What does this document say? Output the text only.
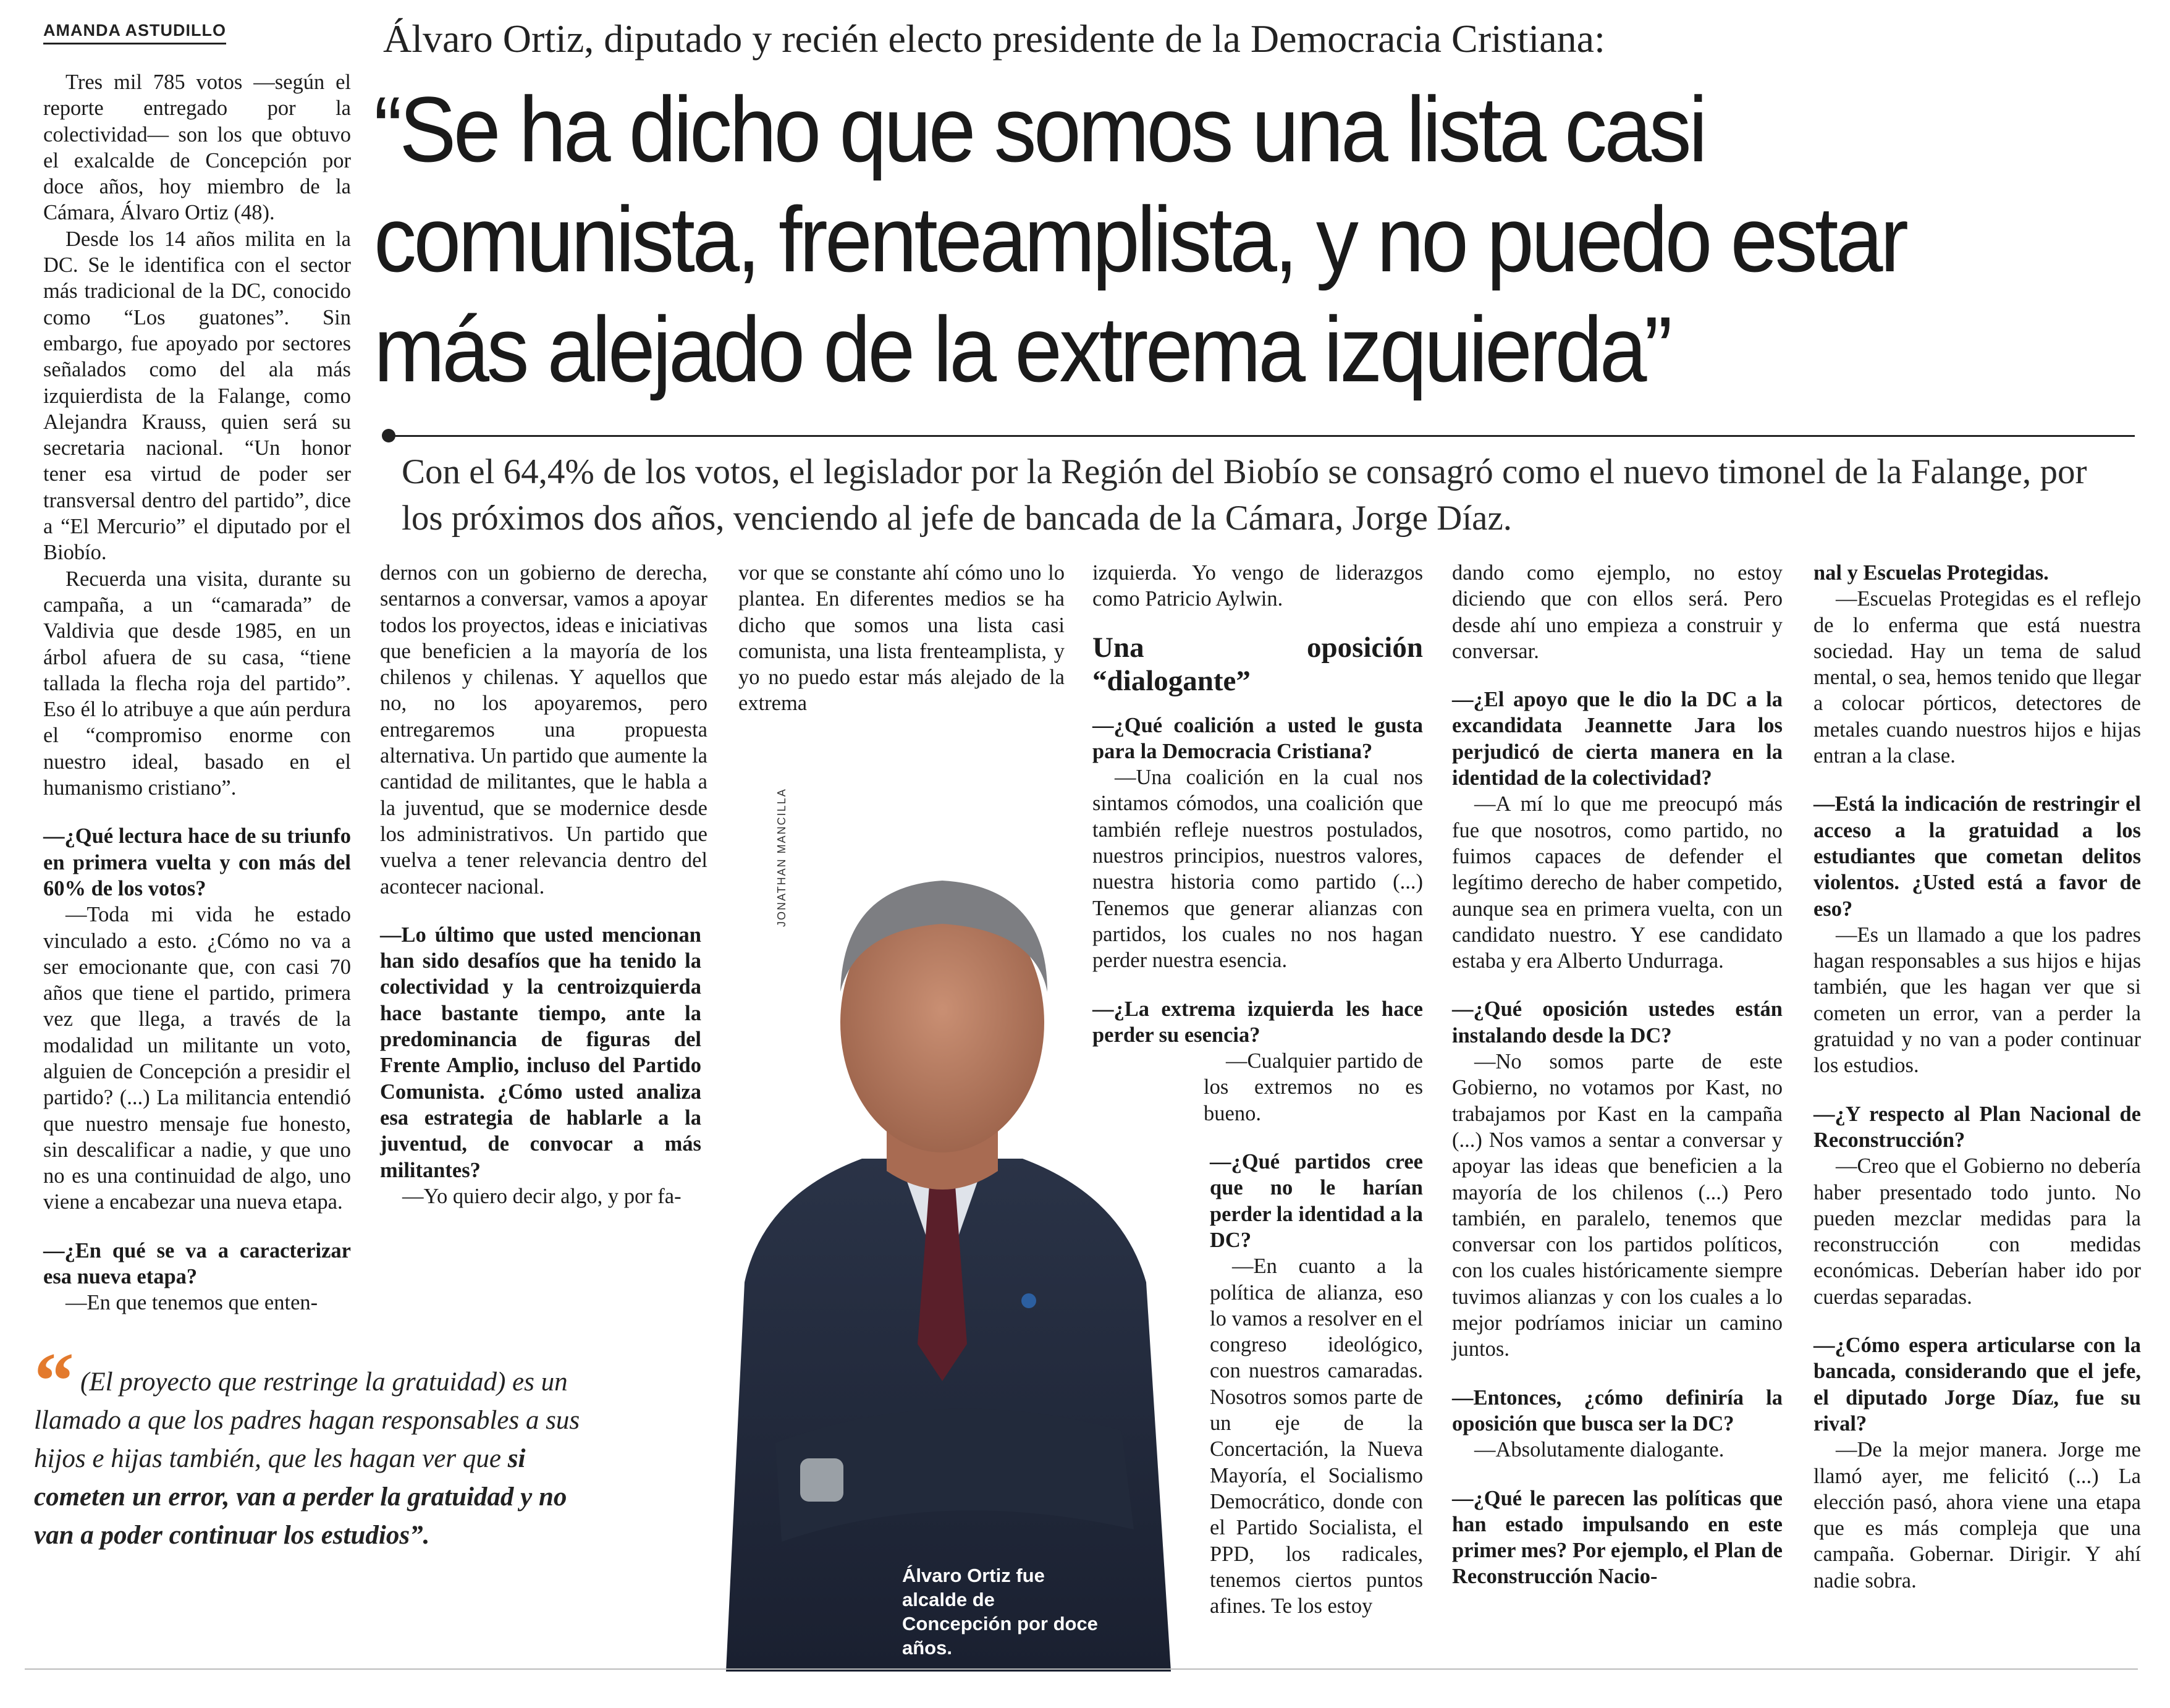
AMANDA ASTUDILLO	Álvaro Ortiz, diputado y recién electo presidente de la Democracia Cristiana:
“Se ha dicho que somos una lista casi comunista, frenteamplista, y no puedo estar más alejado de la extrema izquierda”
Con el 64,4% de los votos, el legislador por la Región del Biobío se consagró como el nuevo timonel de la Falange, por los próximos dos años, venciendo al jefe de bancada de la Cámara, Jorge Díaz.

Tres mil 785 votos —según el reporte entregado por la colectividad— son los que obtuvo el exalcalde de Concepción por doce años, hoy miembro de la Cámara, Álvaro Ortiz (48).

Desde los 14 años milita en la DC. Se le identifica con el sector más tradicional de la DC, conocido como “Los guatones”. Sin embargo, fue apoyado por sectores señalados como del ala más izquierdista de la Falange, como Alejandra Krauss, quien será su secretaria nacional. “Un honor tener esa virtud de poder ser transversal dentro del partido”, dice a “El Mercurio” el diputado por el Biobío.

Recuerda una visita, durante su campaña, a un “camarada” de Valdivia que desde 1985, en un árbol afuera de su casa, “tiene tallada la flecha roja del partido”. Eso él lo atribuye a que aún perdura el “compromiso enorme con nuestro ideal, basado en el humanismo cristiano”.

—¿Qué lectura hace de su triunfo en primera vuelta y con más del 60% de los votos?

—Toda mi vida he estado vinculado a esto. ¿Cómo no va a ser emocionante que, con casi 70 años que tiene el partido, primera vez que llega, a través de la modalidad un militante un voto, alguien de Concepción a presidir el partido? (...) La militancia entendió que nuestro mensaje fue honesto, sin descalificar a nadie, y que uno no es una continuidad de algo, uno viene a encabezar una nueva etapa.

—¿En qué se va a caracterizar esa nueva etapa?

—En que tenemos que enten-

dernos con un gobierno de derecha, sentarnos a conversar, vamos a apoyar todos los proyectos, ideas e iniciativas que beneficien a la mayoría de los chilenos y chilenas. Y aquellos que no, no los apoyaremos, pero entregaremos una propuesta alternativa. Un partido que aumente la cantidad de militantes, que le habla a la juventud, que se modernice desde los administrativos. Un partido que vuelva a tener relevancia dentro del acontecer nacional.

—Lo último que usted mencionan han sido desafíos que ha tenido la colectividad y la centroizquierda hace bastante tiempo, ante la predominancia de figuras del Frente Amplio, incluso del Partido Comunista. ¿Cómo usted analiza esa estrategia de hablarle a la juventud, de convocar a más militantes?

—Yo quiero decir algo, y por fa-

vor que se constante ahí cómo uno lo plantea. En diferentes medios se ha dicho que somos una lista casi comunista, una lista frenteamplista, y yo no puedo estar más alejado de la extrema

JONATHAN MANCILLA
Álvaro Ortiz fue alcalde de Concepción por doce años.

izquierda. Yo vengo de liderazgos como Patricio Aylwin.

Una oposición “dialogante”

—¿Qué coalición a usted le gusta para la Democracia Cristiana?

—Una coalición en la cual nos sintamos cómodos, una coalición que también refleje nuestros postulados, nuestros principios, nuestros valores, nuestra historia como partido (...) Tenemos que generar alianzas con partidos, los cuales no nos hagan perder nuestra esencia.

—¿La extrema izquierda les hace perder su esencia?

—Cualquier partido de los extremos no es bueno.

—¿Qué partidos cree que no le harían perder la identidad a la DC?

—En cuanto a la política de alianza, eso lo vamos a resolver en el congreso ideológico, con nuestros camaradas. Nosotros somos parte de un eje de la Concertación, la Nueva Mayoría, el Socialismo Democrático, donde con el Partido Socialista, el PPD, los radicales, tenemos ciertos puntos afines. Te los estoy

dando como ejemplo, no estoy diciendo que con ellos será. Pero desde ahí uno empieza a construir y conversar.

—¿El apoyo que le dio la DC a la excandidata Jeannette Jara los perjudicó de cierta manera en la identidad de la colectividad?

—A mí lo que me preocupó más fue que nosotros, como partido, no fuimos capaces de defender el legítimo derecho de haber competido, aunque sea en primera vuelta, con un candidato nuestro. Y ese candidato estaba y era Alberto Undurraga.

—¿Qué oposición ustedes están instalando desde la DC?

—No somos parte de este Gobierno, no votamos por Kast, no trabajamos por Kast en la campaña (...) Nos vamos a sentar a conversar y apoyar las ideas que beneficien a la mayoría de los chilenos (...) Pero también, en paralelo, tenemos que conversar con los partidos políticos, con los cuales históricamente siempre tuvimos alianzas y con los cuales a lo mejor podríamos iniciar un camino juntos.

—Entonces, ¿cómo definiría la oposición que busca ser la DC?

—Absolutamente dialogante.

—¿Qué le parecen las políticas que han estado impulsando en este primer mes? Por ejemplo, el Plan de Reconstrucción Nacio-

nal y Escuelas Protegidas.

—Escuelas Protegidas es el reflejo de lo enferma que está nuestra sociedad. Hay un tema de salud mental, o sea, hemos tenido que llegar a colocar pórticos, detectores de metales cuando nuestros hijos e hijas entran a la clase.

—Está la indicación de restringir el acceso a la gratuidad a los estudiantes que cometan delitos violentos. ¿Usted está a favor de eso?

—Es un llamado a que los padres hagan responsables a sus hijos e hijas también, que les hagan ver que si cometen un error, van a perder la gratuidad y no van a poder continuar los estudios.

—¿Y respecto al Plan Nacional de Reconstrucción?

—Creo que el Gobierno no debería haber presentado todo junto. No pueden mezclar medidas para la reconstrucción con medidas económicas. Deberían haber ido por cuerdas separadas.

—¿Cómo espera articularse con la bancada, considerando que el jefe, el diputado Jorge Díaz, fue su rival?

—De la mejor manera. Jorge me llamó ayer, me felicitó (...) La elección pasó, ahora viene una etapa que es más compleja que una campaña. Gobernar. Dirigir. Y ahí nadie sobra.

“ (El proyecto que restringe la gratuidad) es un llamado a que los padres hagan responsables a sus hijos e hijas también, que les hagan ver que si cometen un error, van a perder la gratuidad y no van a poder continuar los estudios”.
